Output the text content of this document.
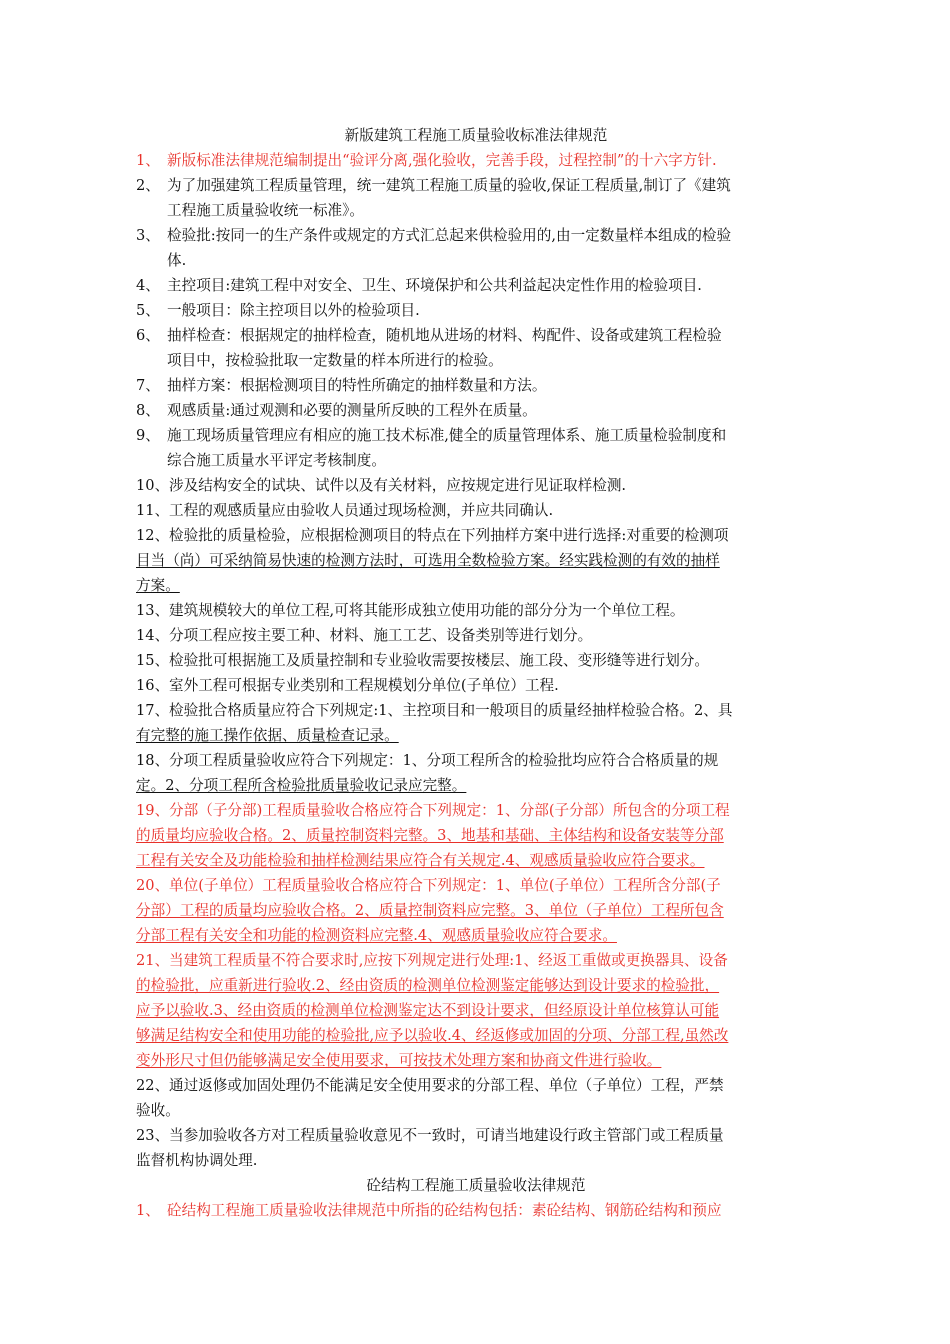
新版建筑工程施工质量验收标准法律规范
1、 新版标准法律规范编制提出“验评分离,强化验收，完善手段，过程控制”的十六字方针.
2、 为了加强建筑工程质量管理，统一建筑工程施工质量的验收,保证工程质量,制订了《建筑
工程施工质量验收统一标准》。
3、 检验批:按同一的生产条件或规定的方式汇总起来供检验用的,由一定数量样本组成的检验
体.
4、 主控项目:建筑工程中对安全、卫生、环境保护和公共利益起决定性作用的检验项目.
5、 一般项目：除主控项目以外的检验项目.
6、 抽样检查：根据规定的抽样检查，随机地从进场的材料、构配件、设备或建筑工程检验
项目中，按检验批取一定数量的样本所进行的检验。
7、 抽样方案：根据检测项目的特性所确定的抽样数量和方法。
8、 观感质量:通过观测和必要的测量所反映的工程外在质量。
9、 施工现场质量管理应有相应的施工技术标准,健全的质量管理体系、施工质量检验制度和
综合施工质量水平评定考核制度。
10、 涉及结构安全的试块、试件以及有关材料，应按规定进行见证取样检测.
11、 工程的观感质量应由验收人员通过现场检测，并应共同确认.
12、 检验批的质量检验，应根据检测项目的特点在下列抽样方案中进行选择:对重要的检测项
目当（尚）可采纳简易快速的检测方法时，可选用全数检验方案。经实践检测的有效的抽样
方案。
13、 建筑规模较大的单位工程,可将其能形成独立使用功能的部分分为一个单位工程。
14、 分项工程应按主要工种、材料、施工工艺、设备类别等进行划分。
15、 检验批可根据施工及质量控制和专业验收需要按楼层、施工段、变形缝等进行划分。
16、 室外工程可根据专业类别和工程规模划分单位(子单位）工程.
17、 检验批合格质量应符合下列规定:1、主控项目和一般项目的质量经抽样检验合格。2、具
有完整的施工操作依据、质量检查记录。
18、 分项工程质量验收应符合下列规定：1、分项工程所含的检验批均应符合合格质量的规
定。2、分项工程所含检验批质量验收记录应完整。
19、 分部（子分部)工程质量验收合格应符合下列规定：1、分部(子分部）所包含的分项工程
的质量均应验收合格。2、质量控制资料完整。3、地基和基础、主体结构和设备安装等分部
工程有关安全及功能检验和抽样检测结果应符合有关规定.4、观感质量验收应符合要求。
20、 单位(子单位）工程质量验收合格应符合下列规定：1、单位(子单位）工程所含分部(子
分部）工程的质量均应验收合格。2、质量控制资料应完整。3、单位（子单位）工程所包含
分部工程有关安全和功能的检测资料应完整.4、观感质量验收应符合要求。
21、 当建筑工程质量不符合要求时,应按下列规定进行处理:1、经返工重做或更换器具、设备
的检验批，应重新进行验收.2、经由资质的检测单位检测鉴定能够达到设计要求的检验批，
应予以验收.3、经由资质的检测单位检测鉴定达不到设计要求，但经原设计单位核算认可能
够满足结构安全和使用功能的检验批,应予以验收.4、经返修或加固的分项、分部工程,虽然改
变外形尺寸但仍能够满足安全使用要求，可按技术处理方案和协商文件进行验收。
22、 通过返修或加固处理仍不能满足安全使用要求的分部工程、单位（子单位）工程，严禁
验收。
23、 当参加验收各方对工程质量验收意见不一致时，可请当地建设行政主管部门或工程质量
监督机构协调处理.
砼结构工程施工质量验收法律规范
1、 砼结构工程施工质量验收法律规范中所指的砼结构包括：素砼结构、钢筋砼结构和预应
